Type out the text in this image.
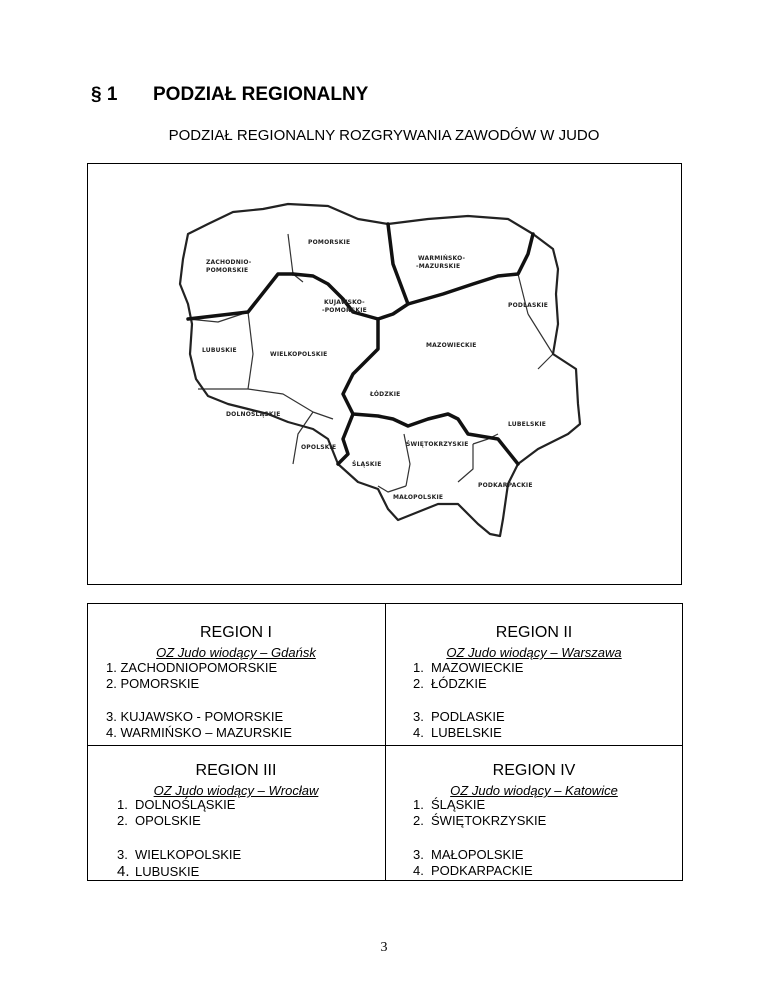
§ 1 PODZIAŁ REGIONALNY
PODZIAŁ REGIONALNY ROZGRYWANIA ZAWODÓW W JUDO
ZACHODNIO-POMORSKIE
POMORSKIE
WARMIŃSKO--MAZURSKIE
KUJAWSKO--POMORSKIE
PODLASKIE
MAZOWIECKIE
LUBUSKIE
WIELKOPOLSKIE
ŁÓDZKIE
DOLNOŚLĄSKIE
LUBELSKIE
OPOLSKIE	ŚWIĘTOKRZYSKIE
ŚLĄSKIE
PODKARPACKIE
MAŁOPOLSKIE
REGION I
OZ Judo wiodący – Gdańsk
1. ZACHODNIOPOMORSKIE
2. POMORSKIE
3. KUJAWSKO - POMORSKIE
4. WARMIŃSKO – MAZURSKIE
REGION II
OZ Judo wiodący – Warszawa
1. MAZOWIECKIE
2. ŁÓDZKIE
3. PODLASKIE
4. LUBELSKIE
REGION III
OZ Judo wiodący – Wrocław
1. DOLNOŚLĄSKIE
2. OPOLSKIE
3. WIELKOPOLSKIE
4. LUBUSKIE
REGION IV
OZ Judo wiodący – Katowice
1. ŚLĄSKIE
2. ŚWIĘTOKRZYSKIE
3. MAŁOPOLSKIE
4. PODKARPACKIE
3
